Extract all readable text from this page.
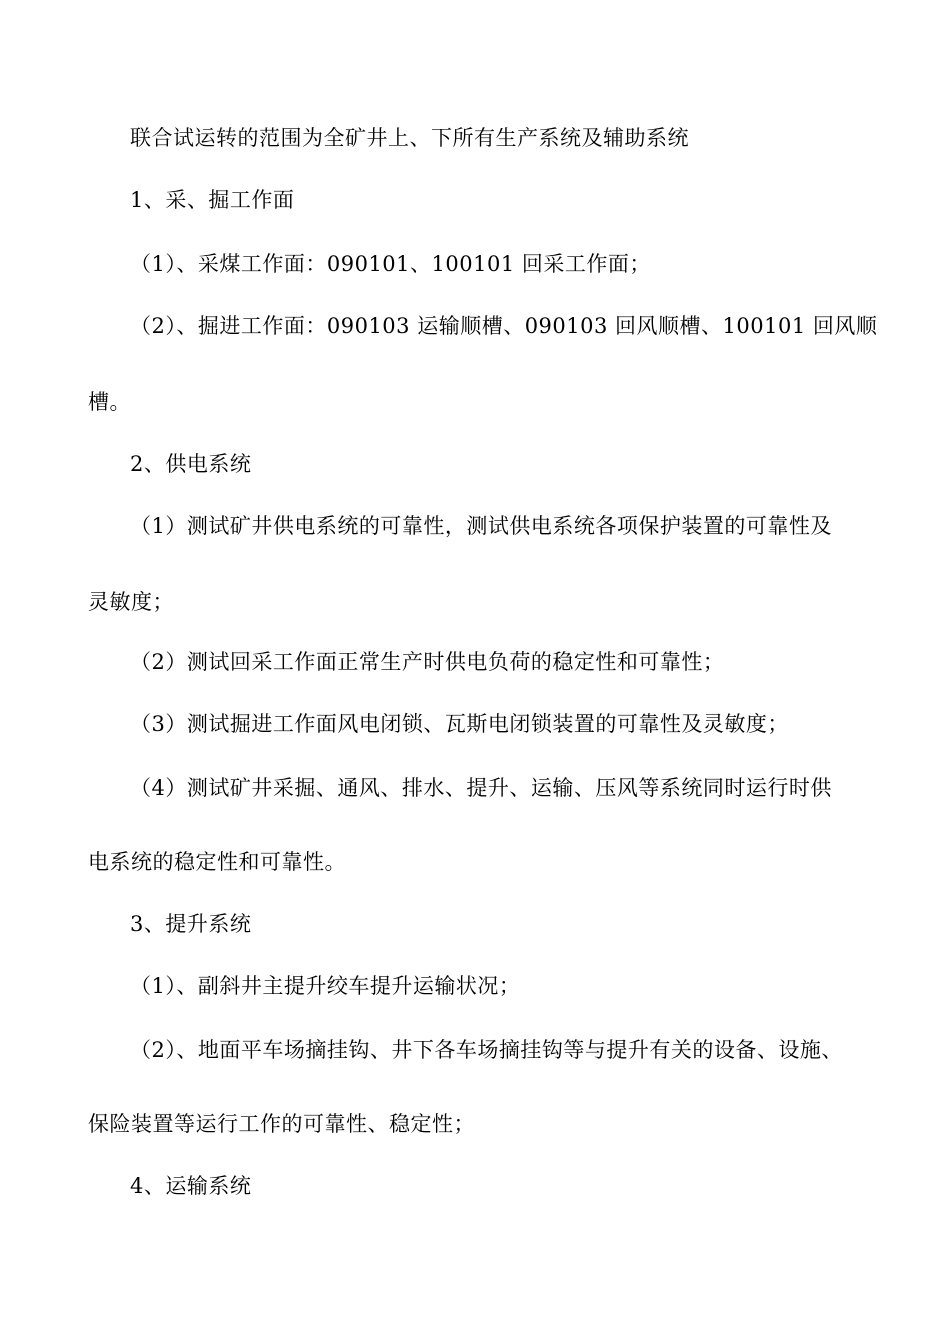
联合试运转的范围为全矿井上、下所有生产系统及辅助系统
1、采、掘工作面
（1）、采煤工作面：090101、100101 回采工作面；
（2）、掘进工作面：090103 运输顺槽、090103 回风顺槽、100101 回风顺
槽。
2、供电系统
（1）测试矿井供电系统的可靠性，测试供电系统各项保护装置的可靠性及
灵敏度；
（2）测试回采工作面正常生产时供电负荷的稳定性和可靠性；
（3）测试掘进工作面风电闭锁、瓦斯电闭锁装置的可靠性及灵敏度；
（4）测试矿井采掘、通风、排水、提升、运输、压风等系统同时运行时供
电系统的稳定性和可靠性。
3、提升系统
（1）、副斜井主提升绞车提升运输状况；
（2）、地面平车场摘挂钩、井下各车场摘挂钩等与提升有关的设备、设施、
保险装置等运行工作的可靠性、稳定性；
4、运输系统
